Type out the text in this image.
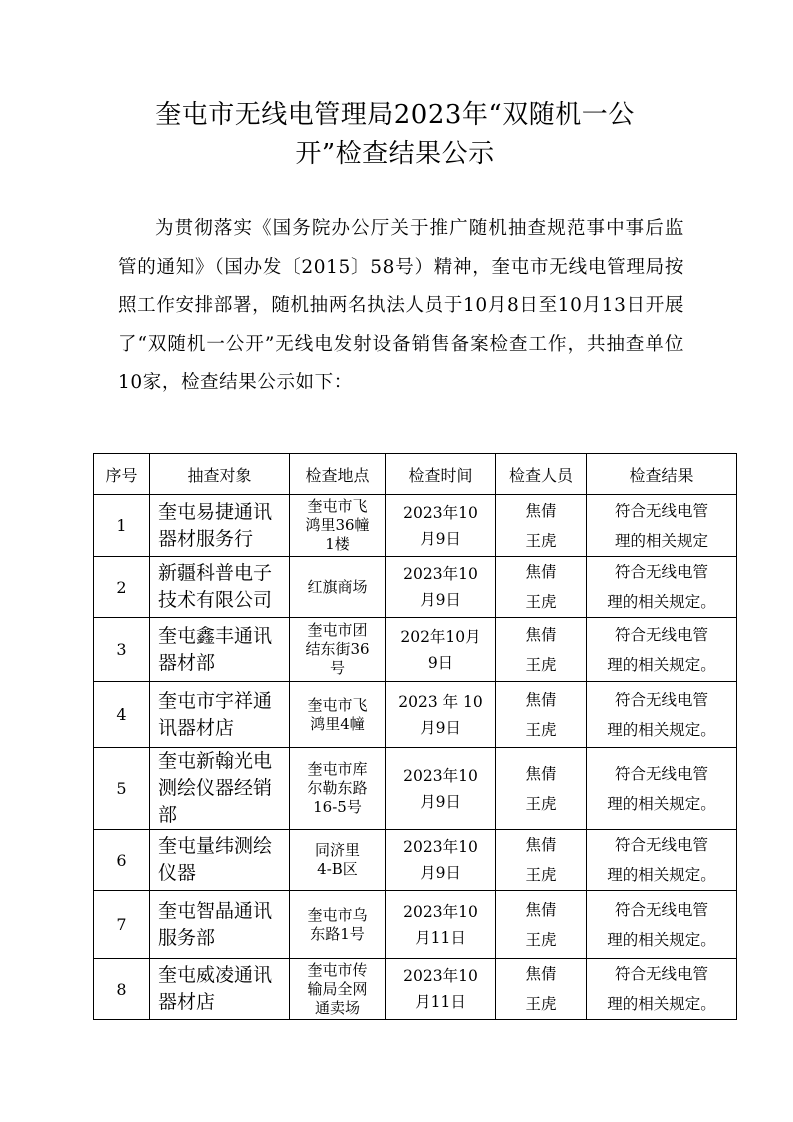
奎屯市无线电管理局2023年“双随机一公
开”检查结果公示

为贯彻落实《国务院办公厅关于推广随机抽查规范事中事后监管的通知》（国办发〔2015〕58号）精神，奎屯市无线电管理局按照工作安排部署，随机抽两名执法人员于10月8日至10月13日开展了“双随机一公开”无线电发射设备销售备案检查工作，共抽查单位10家，检查结果公示如下：

序号	抽查对象	检查地点	检查时间	检查人员	检查结果
1	奎屯易捷通讯
器材服务行	奎屯市飞
鸿里36幢
1楼	2023年10
月9日	焦倩
王虎	符合无线电管
理的相关规定

2	新疆科普电子
技术有限公司	红旗商场	2023年10
月9日	焦倩
王虎	符合无线电管
理的相关规定。

3	奎屯鑫丰通讯
器材部	奎屯市团
结东街36
号	202年10月
9日	焦倩
王虎	符合无线电管
理的相关规定。

4	奎屯市宇祥通
讯器材店	奎屯市飞
鸿里4幢	2023 年 10
月9日	焦倩
王虎	符合无线电管
理的相关规定。

5	奎屯新翰光电
测绘仪器经销
部	奎屯市库
尔勒东路
16-5号	2023年10
月9日	焦倩
王虎	符合无线电管
理的相关规定。

6	奎屯量纬测绘
仪器	同济里
4-B区	2023年10
月9日	焦倩
王虎	符合无线电管
理的相关规定。

7	奎屯智晶通讯
服务部	奎屯市乌
东路1号	2023年10
月11日	焦倩
王虎	符合无线电管
理的相关规定。

8	奎屯威凌通讯
器材店	奎屯市传
输局全网
通卖场	2023年10
月11日	焦倩
王虎	符合无线电管
理的相关规定。
